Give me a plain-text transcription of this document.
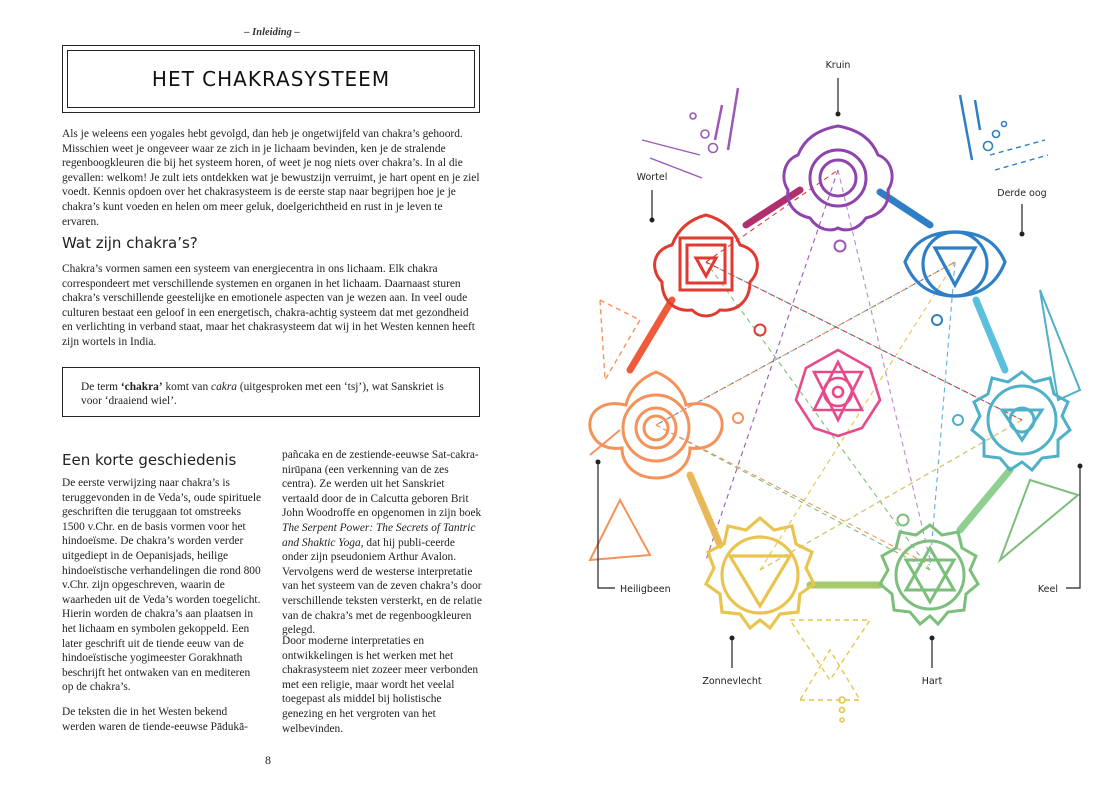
– Inleiding –
HET CHAKRASYSTEEM

Als je weleens een yogales hebt gevolgd, dan heb je ongetwijfeld van chakra’s gehoord. Misschien weet je ongeveer waar ze zich in je lichaam bevinden, ken je de stralende regenboogkleuren die bij het systeem horen, of weet je nog niets over chakra’s. In al die gevallen: welkom! Je zult iets ontdekken wat je bewustzijn verruimt, je hart opent en je ziel voedt. Kennis opdoen over het chakrasysteem is de eerste stap naar begrijpen hoe je je chakra’s kunt voeden en helen om meer geluk, doelgerichtheid en rust in je leven te ervaren.

Wat zijn chakra’s?

Chakra’s vormen samen een systeem van energiecentra in ons lichaam. Elk chakra correspondeert met verschillende systemen en organen in het lichaam. Daarnaast sturen chakra’s verschillende geestelijke en emotionele aspecten van je wezen aan. In veel oude culturen bestaat een geloof in een energetisch, chakra-achtig systeem dat met gezondheid en verlichting in verband staat, maar het chakrasysteem dat wij in het Westen kennen heeft zijn wortels in India.

De term ‘chakra’ komt van cakra (uitgesproken met een ‘tsj’), wat Sanskriet is voor ‘draaiend wiel’.
Een korte geschiedenis

De eerste verwijzing naar chakra’s is teruggevonden in de Veda’s, oude spirituele geschriften die teruggaan tot omstreeks 1500 v.Chr. en de basis vormen voor het hindoeïsme. De chakra’s worden verder uitgediept in de Oepanisjads, heilige hindoeïstische verhandelingen die rond 800 v.Chr. zijn opgeschreven, waarin de waarheden uit de Veda’s worden toegelicht. Hierin worden de chakra’s aan plaatsen in het lichaam en symbolen gekoppeld. Een later geschrift uit de tiende eeuw van de hindoeïstische yogimeester Gorakhnath beschrijft het ontwaken van en mediteren op de chakra’s.

De teksten die in het Westen bekend werden waren de tiende-eeuwse Pādukā-

pañcaka en de zestiende-eeuwse Sat-cakra-nirūpana (een verkenning van de zes centra). Ze werden uit het Sanskriet vertaald door de in Calcutta geboren Brit John Woodroffe en opgenomen in zijn boek The Serpent Power: The Secrets of Tantric and Shaktic Yoga, dat hij publi-ceerde onder zijn pseudoniem Arthur Avalon. Vervolgens werd de westerse interpretatie van het systeem van de zeven chakra’s door verschillende teksten versterkt, en de relatie van de chakra’s met de regenboogkleuren gelegd.

Door moderne interpretaties en ontwikkelingen is het werken met het chakrasysteem niet zozeer meer verbonden met een religie, maar wordt het veelal toegepast als middel bij holistische genezing en het vergroten van het welbevinden.

8
Kruin
Wortel
Derde oog
Heiligbeen	Keel
Zonnevlecht	Hart
